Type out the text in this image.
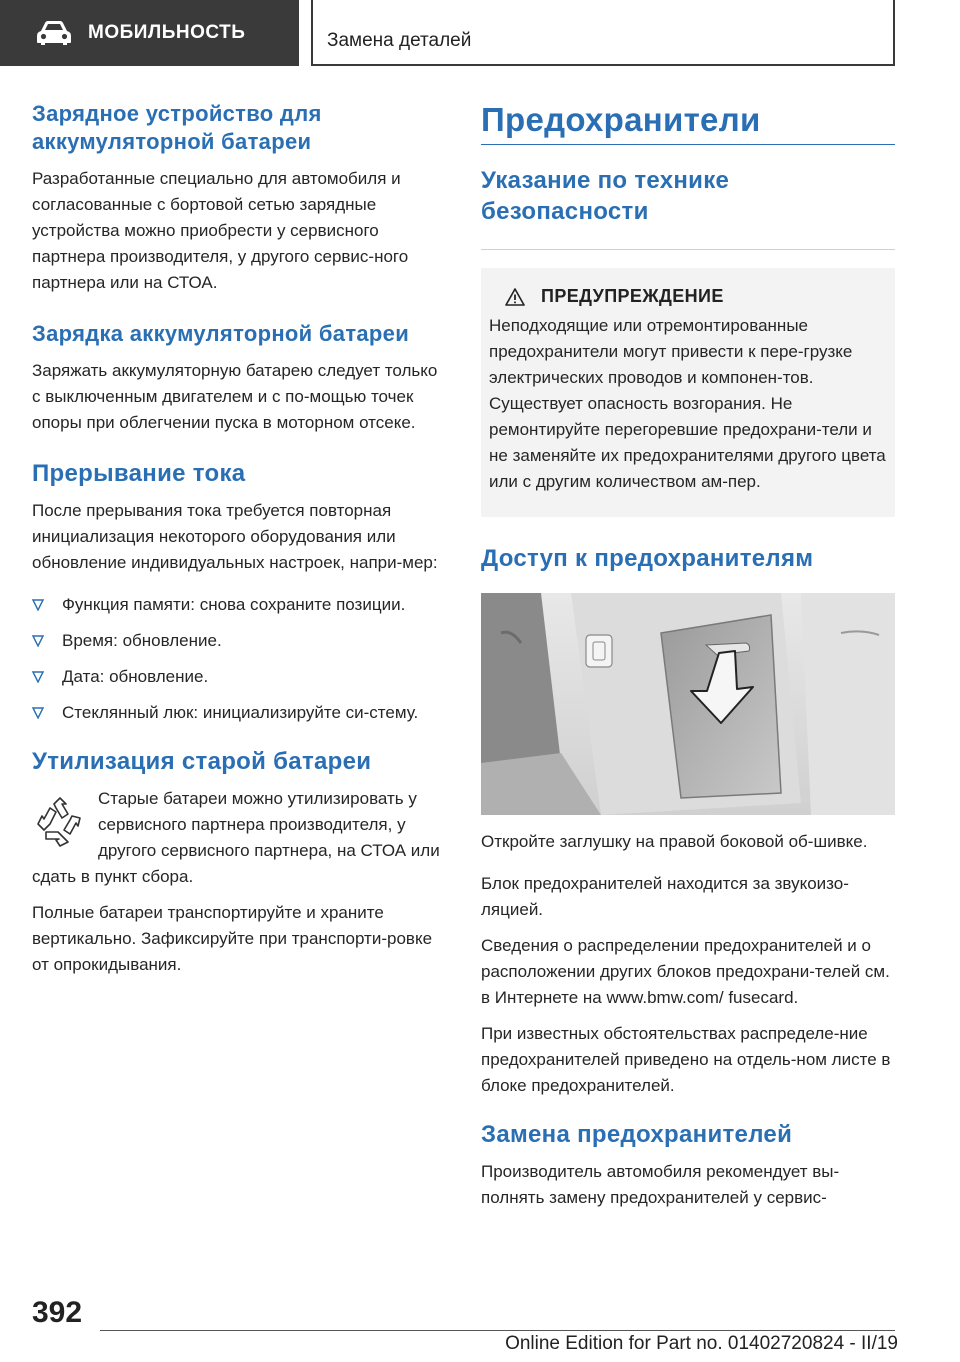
МОБИЛЬНОСТЬ	Замена деталей
Зарядное устройство для аккумуляторной батареи
Разработанные специально для автомобиля и согласованные с бортовой сетью зарядные устройства можно приобрести у сервисного партнера производителя, у другого сервис-ного партнера или на СТОА.
Зарядка аккумуляторной батареи
Заряжать аккумуляторную батарею следует только с выключенным двигателем и с по-мощью точек опоры при облегчении пуска в моторном отсеке.
Прерывание тока
После прерывания тока требуется повторная инициализация некоторого оборудования или обновление индивидуальных настроек, напри-мер:
Функция памяти: снова сохраните позиции.
Время: обновление.
Дата: обновление.
Стеклянный люк: инициализируйте си-стему.
Утилизация старой батареи
Старые батареи можно утилизировать у сервисного партнера производителя, у другого сервисного партнера, на СТОА или сдать в пункт сбора.
Полные батареи транспортируйте и храните вертикально. Зафиксируйте при транспорти-ровке от опрокидывания.
Предохранители
Указание по технике безопасности
ПРЕДУПРЕЖДЕНИЕ
Неподходящие или отремонтированные предохранители могут привести к пере-грузке электрических проводов и компонен-тов. Существует опасность возгорания. Не ремонтируйте перегоревшие предохрани-тели и не заменяйте их предохранителями другого цвета или с другим количеством ам-пер.
Доступ к предохранителям
Откройте заглушку на правой боковой об-шивке.
Блок предохранителей находится за звукоизо-ляцией.
Сведения о распределении предохранителей и о расположении других блоков предохрани-телей см. в Интернете на www.bmw.com/ fusecard.
При известных обстоятельствах распределе-ние предохранителей приведено на отдель-ном листе в блоке предохранителей.
Замена предохранителей
Производитель автомобиля рекомендует вы-полнять замену предохранителей у сервис-
392
Online Edition for Part no. 01402720824 - II/19
